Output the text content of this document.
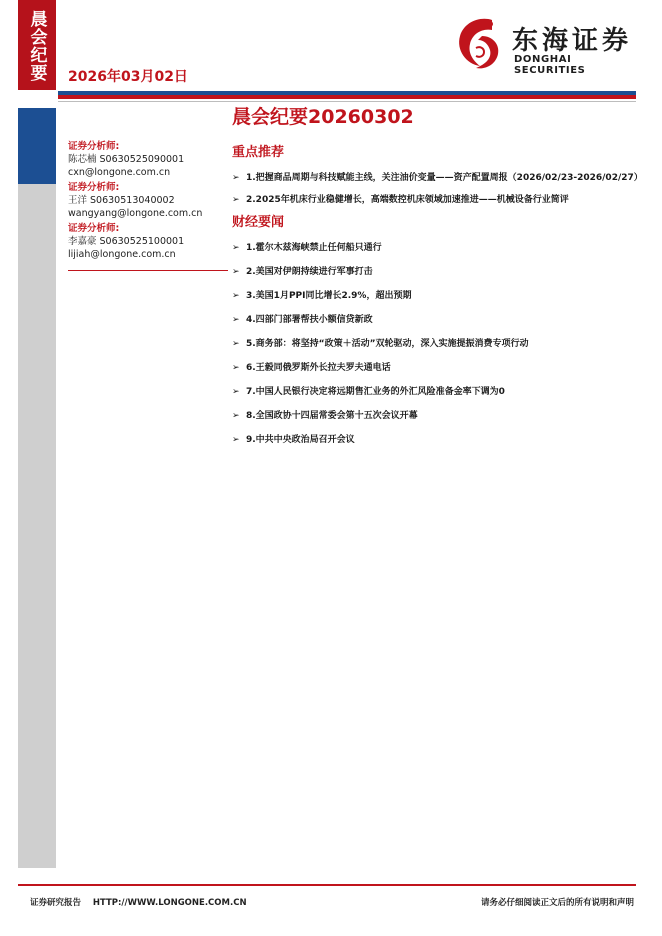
晨会纪要 2026年03月02日
东海证券
DONGHAI SECURITIES
证券分析师:
陈芯楠 S0630525090001
cxn@longone.com.cn
证券分析师:
王洋 S0630513040002
wangyang@longone.com.cn
证券分析师:
李嘉豪 S0630525100001
lijiah@longone.com.cn
晨会纪要20260302
重点推荐
➢ 1.把握商品周期与科技赋能主线，关注油价变量——资产配置周报（2026/02/23-2026/02/27）
➢ 2.2025年机床行业稳健增长，高端数控机床领域加速推进——机械设备行业简评
财经要闻
➢ 1.霍尔木兹海峡禁止任何船只通行
➢ 2.美国对伊朗持续进行军事打击
➢ 3.美国1月PPI同比增长2.9%，超出预期
➢ 4.四部门部署帮扶小额信贷新政
➢ 5.商务部：将坚持“政策＋活动”双轮驱动，深入实施提振消费专项行动
➢ 6.王毅同俄罗斯外长拉夫罗夫通电话
➢ 7.中国人民银行决定将远期售汇业务的外汇风险准备金率下调为0
➢ 8.全国政协十四届常委会第十五次会议开幕
➢ 9.中共中央政治局召开会议
证券研究报告    HTTP://WWW.LONGONE.COM.CN	请务必仔细阅读正文后的所有说明和声明
